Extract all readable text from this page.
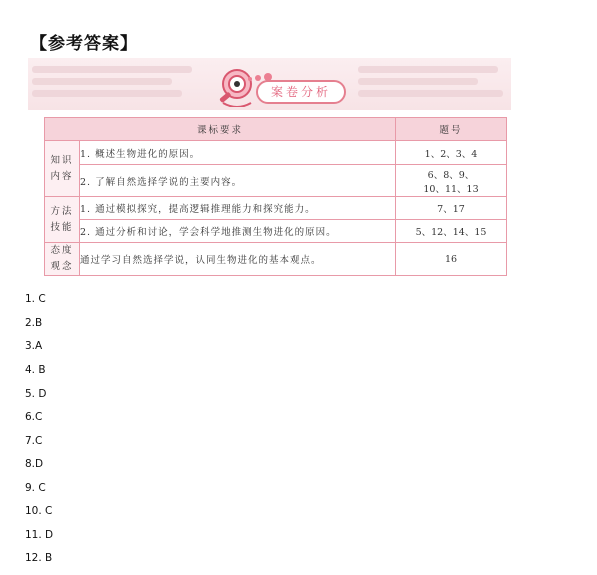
【参考答案】
案卷分析
课标要求		题号
知识
内容	1. 概述生物进化的原因。	1、2、3、4
	2. 了解自然选择学说的主要内容。	6、8、9、
10、11、13

方法
技能	1. 通过模拟探究，提高逻辑推理能力和探究能力。	7、17
	2. 通过分析和讨论，学会科学地推测生物进化的原因。	5、12、14、15
态度
观念	通过学习自然选择学说，认同生物进化的基本观点。	16
1. C
2.B
3.A
4. B
5. D
6.C
7.C
8.D
9. C
10. C
11. D
12. B
